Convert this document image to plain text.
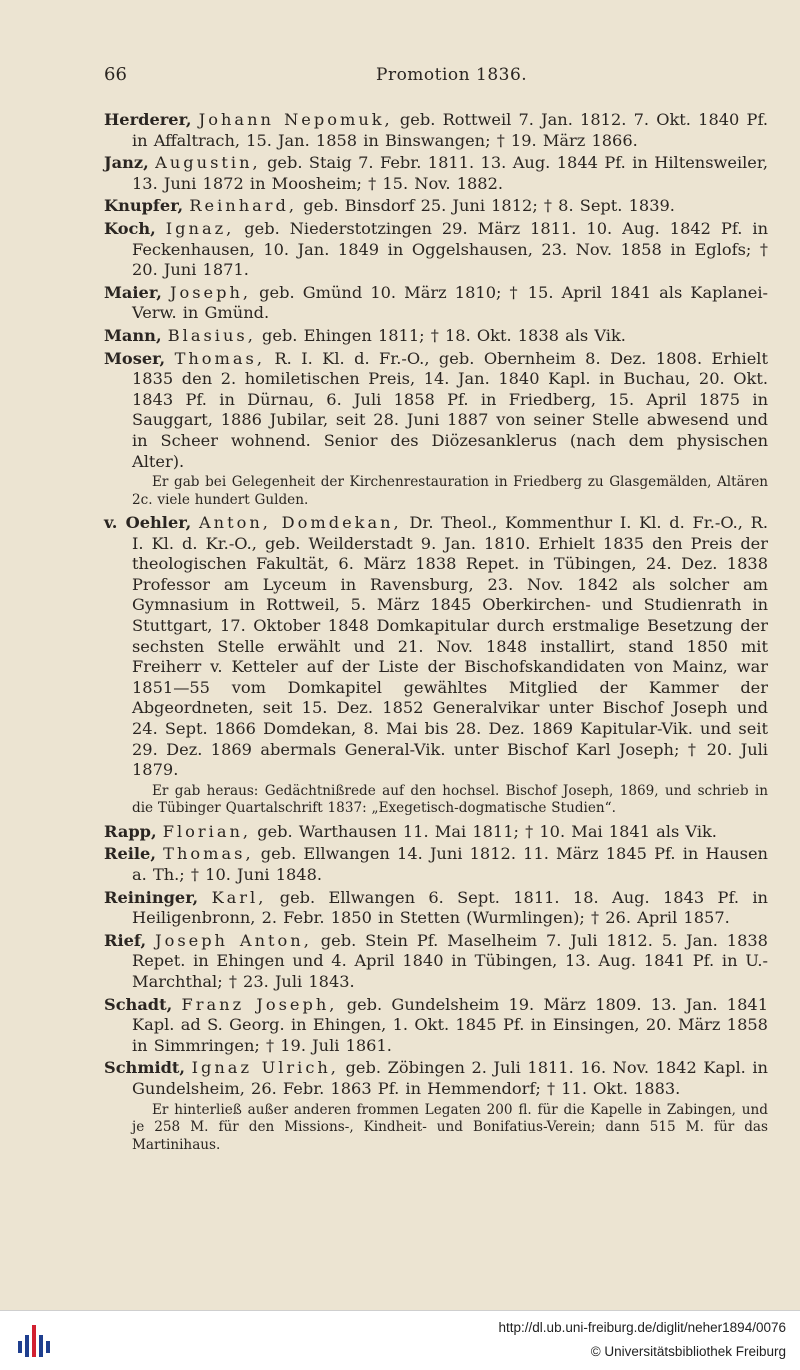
66	Promotion 1836.

Herderer, Johann Nepomuk, geb. Rottweil 7. Jan. 1812. 7. Okt. 1840 Pf. in Affaltrach, 15. Jan. 1858 in Binswangen; † 19. März 1866.

Janz, Augustin, geb. Staig 7. Febr. 1811. 13. Aug. 1844 Pf. in Hiltensweiler, 13. Juni 1872 in Moosheim; † 15. Nov. 1882.

Knupfer, Reinhard, geb. Binsdorf 25. Juni 1812; † 8. Sept. 1839.

Koch, Ignaz, geb. Niederstotzingen 29. März 1811. 10. Aug. 1842 Pf. in Feckenhausen, 10. Jan. 1849 in Oggelshausen, 23. Nov. 1858 in Eglofs; † 20. Juni 1871.

Maier, Joseph, geb. Gmünd 10. März 1810; † 15. April 1841 als Kaplanei-Verw. in Gmünd.

Mann, Blasius, geb. Ehingen 1811; † 18. Okt. 1838 als Vik.

Moser, Thomas, R. I. Kl. d. Fr.-O., geb. Obernheim 8. Dez. 1808. Erhielt 1835 den 2. homiletischen Preis, 14. Jan. 1840 Kapl. in Buchau, 20. Okt. 1843 Pf. in Dürnau, 6. Juli 1858 Pf. in Friedberg, 15. April 1875 in Sauggart, 1886 Jubilar, seit 28. Juni 1887 von seiner Stelle abwesend und in Scheer wohnend. Senior des Diözesanklerus (nach dem physischen Alter).

Er gab bei Gelegenheit der Kirchenrestauration in Friedberg zu Glasgemälden, Altären 2c. viele hundert Gulden.

v. Oehler, Anton, Domdekan, Dr. Theol., Kommenthur I. Kl. d. Fr.-O., R. I. Kl. d. Kr.-O., geb. Weilderstadt 9. Jan. 1810. Erhielt 1835 den Preis der theologischen Fakultät, 6. März 1838 Repet. in Tübingen, 24. Dez. 1838 Professor am Lyceum in Ravensburg, 23. Nov. 1842 als solcher am Gymnasium in Rottweil, 5. März 1845 Oberkirchen- und Studienrath in Stuttgart, 17. Oktober 1848 Domkapitular durch erstmalige Besetzung der sechsten Stelle erwählt und 21. Nov. 1848 installirt, stand 1850 mit Freiherr v. Ketteler auf der Liste der Bischofskandidaten von Mainz, war 1851—55 vom Domkapitel gewähltes Mitglied der Kammer der Abgeordneten, seit 15. Dez. 1852 Generalvikar unter Bischof Joseph und 24. Sept. 1866 Domdekan, 8. Mai bis 28. Dez. 1869 Kapitular-Vik. und seit 29. Dez. 1869 abermals General-Vik. unter Bischof Karl Joseph; † 20. Juli 1879.

Er gab heraus: Gedächtnißrede auf den hochsel. Bischof Joseph, 1869, und schrieb in die Tübinger Quartalschrift 1837: „Exegetisch-dogmatische Studien“.

Rapp, Florian, geb. Warthausen 11. Mai 1811; † 10. Mai 1841 als Vik.

Reile, Thomas, geb. Ellwangen 14. Juni 1812. 11. März 1845 Pf. in Hausen a. Th.; † 10. Juni 1848.

Reininger, Karl, geb. Ellwangen 6. Sept. 1811. 18. Aug. 1843 Pf. in Heiligenbronn, 2. Febr. 1850 in Stetten (Wurmlingen); † 26. April 1857.

Rief, Joseph Anton, geb. Stein Pf. Maselheim 7. Juli 1812. 5. Jan. 1838 Repet. in Ehingen und 4. April 1840 in Tübingen, 13. Aug. 1841 Pf. in U.-Marchthal; † 23. Juli 1843.

Schadt, Franz Joseph, geb. Gundelsheim 19. März 1809. 13. Jan. 1841 Kapl. ad S. Georg. in Ehingen, 1. Okt. 1845 Pf. in Einsingen, 20. März 1858 in Simmringen; † 19. Juli 1861.

Schmidt, Ignaz Ulrich, geb. Zöbingen 2. Juli 1811. 16. Nov. 1842 Kapl. in Gundelsheim, 26. Febr. 1863 Pf. in Hemmendorf; † 11. Okt. 1883.

Er hinterließ außer anderen frommen Legaten 200 fl. für die Kapelle in Zabingen, und je 258 M. für den Missions-, Kindheit- und Bonifatius-Verein; dann 515 M. für das Martinihaus.

http://dl.ub.uni-freiburg.de/diglit/neher1894/0076
© Universitätsbibliothek Freiburg
